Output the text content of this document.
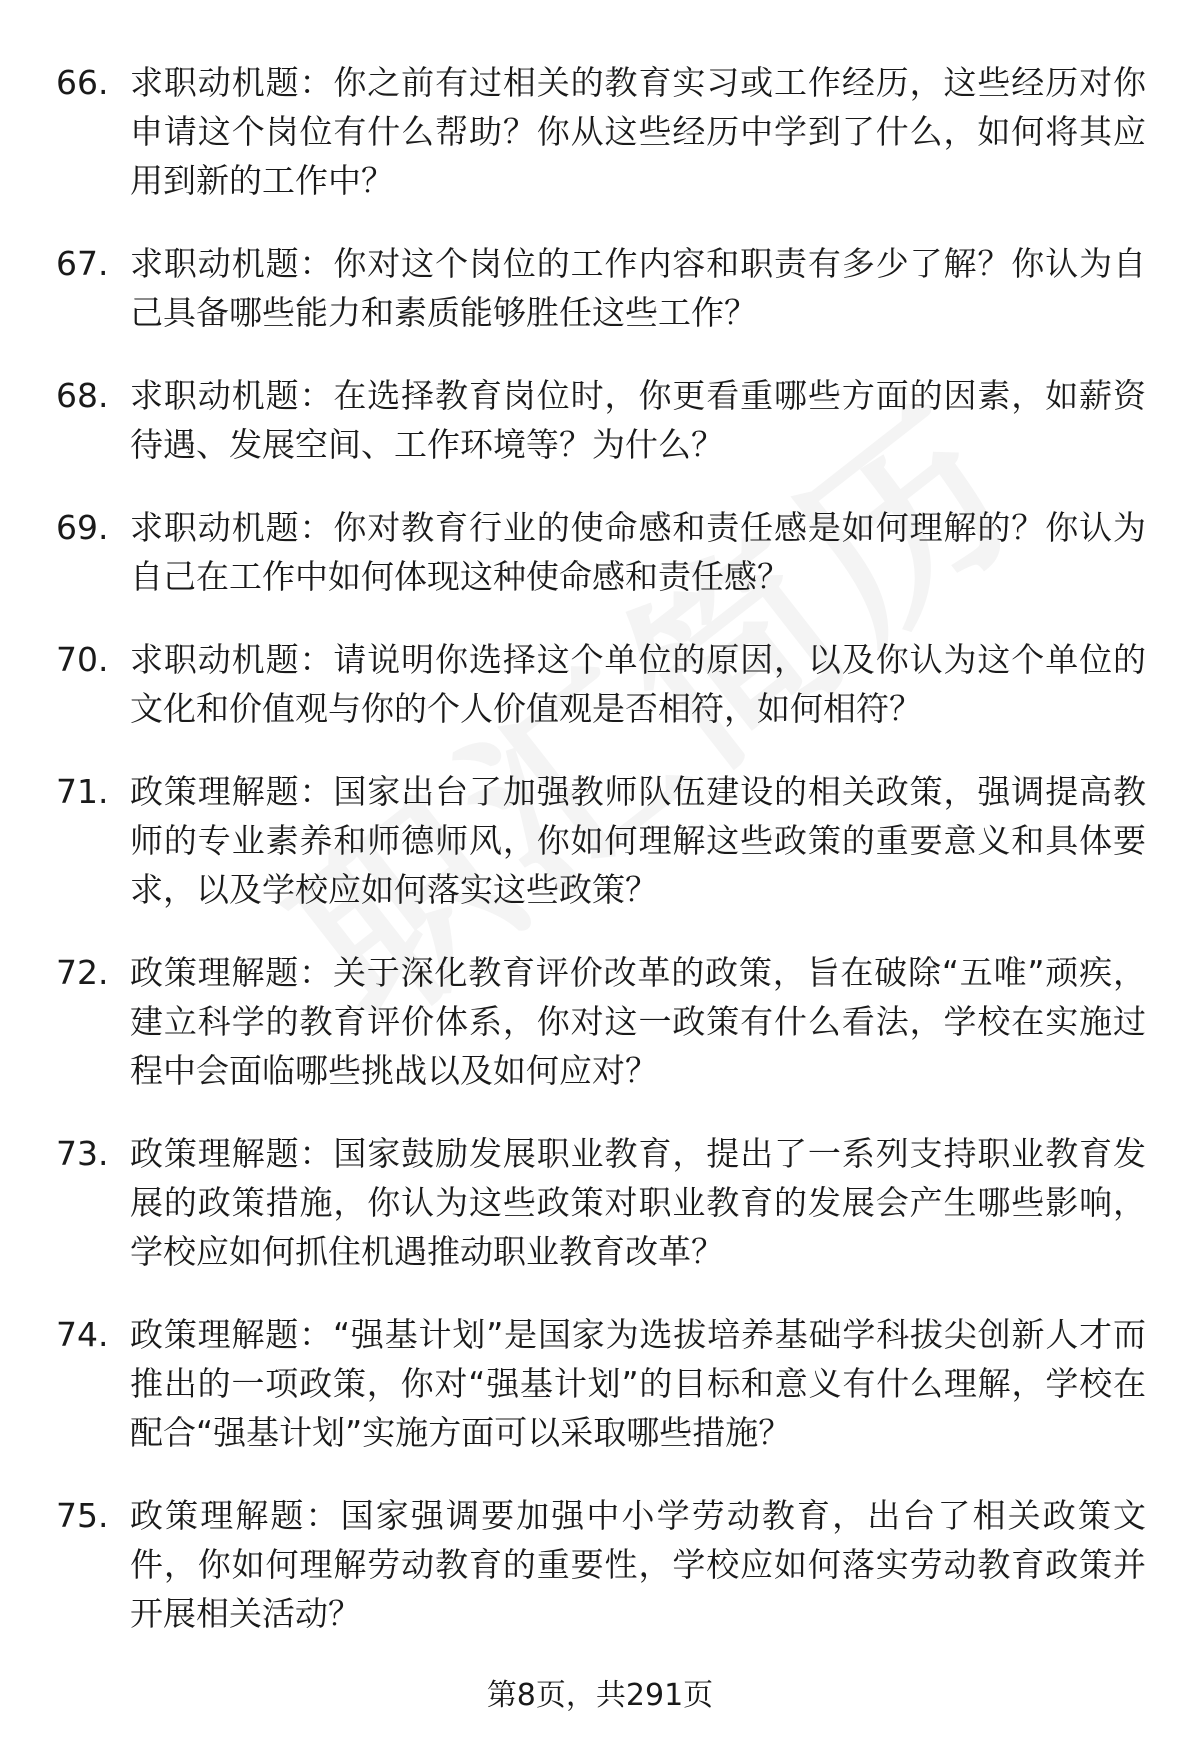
66. 求职动机题：你之前有过相关的教育实习或工作经历，这些经历对你申请这个岗位有什么帮助？你从这些经历中学到了什么，如何将其应用到新的工作中？
67. 求职动机题：你对这个岗位的工作内容和职责有多少了解？你认为自己具备哪些能力和素质能够胜任这些工作？
68. 求职动机题：在选择教育岗位时，你更看重哪些方面的因素，如薪资待遇、发展空间、工作环境等？为什么？
69. 求职动机题：你对教育行业的使命感和责任感是如何理解的？你认为自己在工作中如何体现这种使命感和责任感？
70. 求职动机题：请说明你选择这个单位的原因，以及你认为这个单位的文化和价值观与你的个人价值观是否相符，如何相符？
71. 政策理解题：国家出台了加强教师队伍建设的相关政策，强调提高教师的专业素养和师德师风，你如何理解这些政策的重要意义和具体要求，以及学校应如何落实这些政策？
72. 政策理解题：关于深化教育评价改革的政策，旨在破除“五唯”顽疾，建立科学的教育评价体系，你对这一政策有什么看法，学校在实施过程中会面临哪些挑战以及如何应对？
73. 政策理解题：国家鼓励发展职业教育，提出了一系列支持职业教育发展的政策措施，你认为这些政策对职业教育的发展会产生哪些影响，学校应如何抓住机遇推动职业教育改革？
74. 政策理解题：“强基计划”是国家为选拔培养基础学科拔尖创新人才而推出的一项政策，你对“强基计划”的目标和意义有什么理解，学校在配合“强基计划”实施方面可以采取哪些措施？
75. 政策理解题：国家强调要加强中小学劳动教育，出台了相关政策文件，你如何理解劳动教育的重要性，学校应如何落实劳动教育政策并开展相关活动？
第8页，共291页
